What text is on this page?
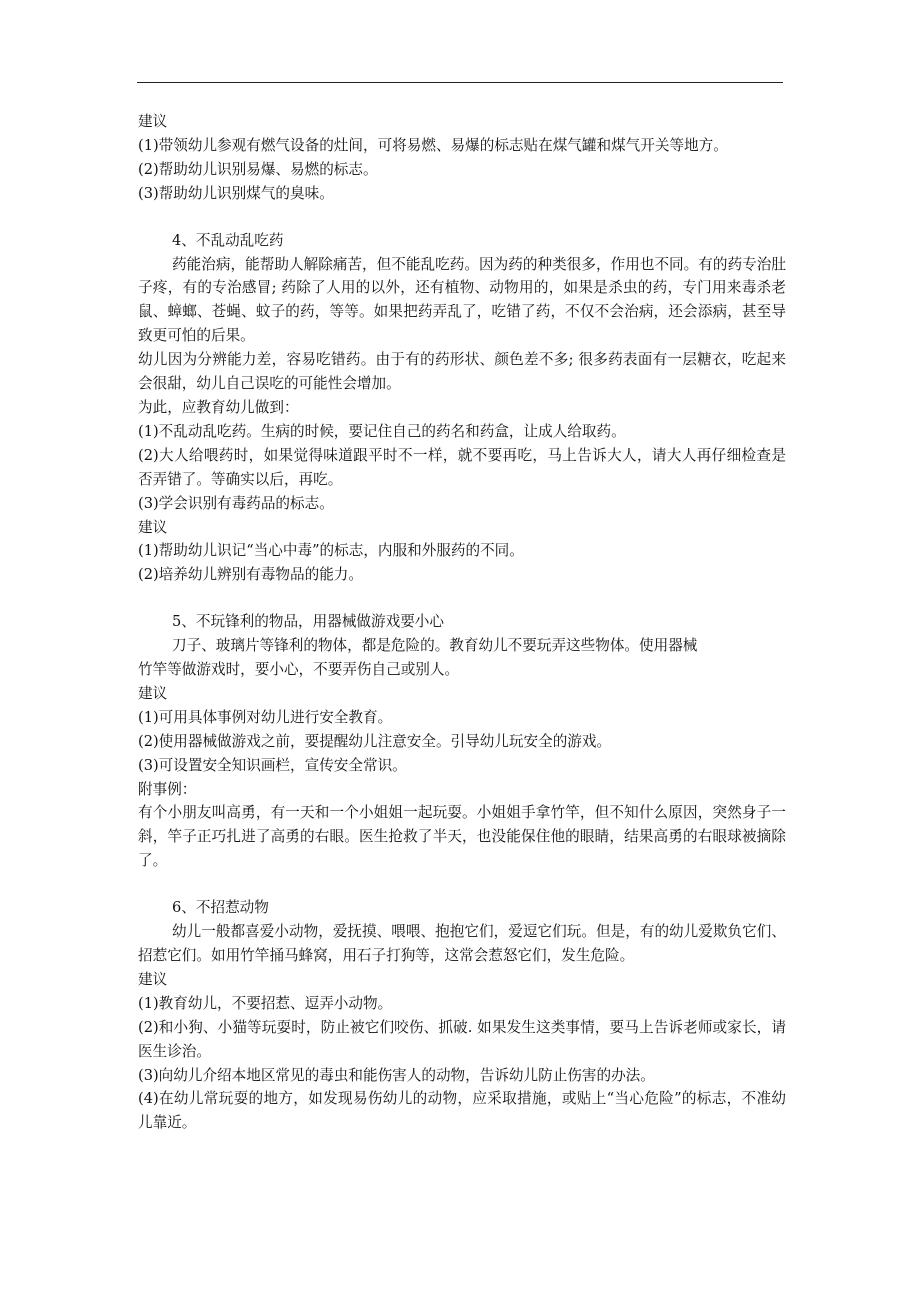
建议
(1)带领幼儿参观有燃气设备的灶间，可将易燃、易爆的标志贴在煤气罐和煤气开关等地方。
(2)帮助幼儿识别易爆、易燃的标志。
(3)帮助幼儿识别煤气的臭味。
4、不乱动乱吃药
药能治病，能帮助人解除痛苦，但不能乱吃药。因为药的种类很多，作用也不同。有的药专治肚子疼，有的专治感冒; 药除了人用的以外，还有植物、动物用的，如果是杀虫的药，专门用来毒杀老鼠、蟑螂、苍蝇、蚊子的药，等等。如果把药弄乱了，吃错了药，不仅不会治病，还会添病，甚至导致更可怕的后果。
幼儿因为分辨能力差，容易吃错药。由于有的药形状、颜色差不多; 很多药表面有一层糖衣，吃起来会很甜，幼儿自己误吃的可能性会增加。
为此，应教育幼儿做到：
(1)不乱动乱吃药。生病的时候，要记住自己的药名和药盒，让成人给取药。
(2)大人给喂药时，如果觉得味道跟平时不一样，就不要再吃，马上告诉大人，请大人再仔细检查是否弄错了。等确实以后，再吃。
(3)学会识别有毒药品的标志。
建议
(1)帮助幼儿识记“当心中毒”的标志，内服和外服药的不同。
(2)培养幼儿辨别有毒物品的能力。
5、不玩锋利的物品，用器械做游戏要小心
刀子、玻璃片等锋利的物体，都是危险的。教育幼儿不要玩弄这些物体。使用器械
竹竿等做游戏时，要小心，不要弄伤自己或别人。
建议
(1)可用具体事例对幼儿进行安全教育。
(2)使用器械做游戏之前，要提醒幼儿注意安全。引导幼儿玩安全的游戏。
(3)可设置安全知识画栏，宣传安全常识。
附事例：
有个小朋友叫高勇，有一天和一个小姐姐一起玩耍。小姐姐手拿竹竿，但不知什么原因，突然身子一斜，竿子正巧扎进了高勇的右眼。医生抢救了半天，也没能保住他的眼睛，结果高勇的右眼球被摘除了。
6、不招惹动物
幼儿一般都喜爱小动物，爱抚摸、喂喂、抱抱它们，爱逗它们玩。但是，有的幼儿爱欺负它们、招惹它们。如用竹竿捅马蜂窝，用石子打狗等，这常会惹怒它们，发生危险。
建议
(1)教育幼儿，不要招惹、逗弄小动物。
(2)和小狗、小猫等玩耍时，防止被它们咬伤、抓破. 如果发生这类事情，要马上告诉老师或家长，请医生诊治。
(3)向幼儿介绍本地区常见的毒虫和能伤害人的动物，告诉幼儿防止伤害的办法。
(4)在幼儿常玩耍的地方，如发现易伤幼儿的动物，应采取措施，或贴上“当心危险”的标志，不准幼儿靠近。
